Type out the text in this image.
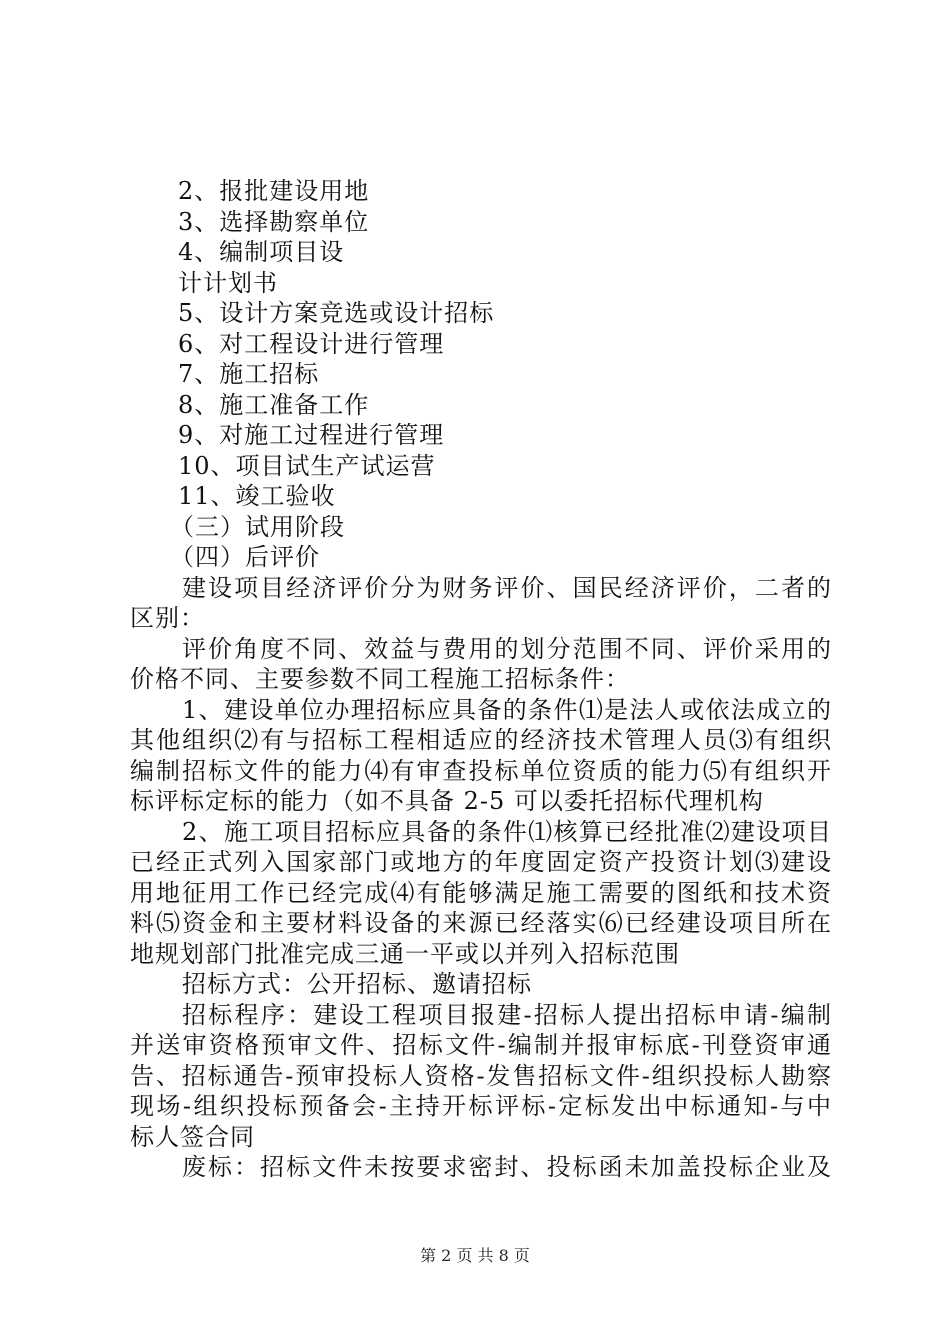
2、报批建设用地
3、选择勘察单位
4、编制项目设
计计划书
5、设计方案竞选或设计招标
6、对工程设计进行管理
7、施工招标
8、施工准备工作
9、对施工过程进行管理
10、项目试生产试运营
11、竣工验收
（三）试用阶段
（四）后评价
建设项目经济评价分为财务评价、国民经济评价，二者的
区别：
评价角度不同、效益与费用的划分范围不同、评价采用的
价格不同、主要参数不同工程施工招标条件：
1、建设单位办理招标应具备的条件⑴是法人或依法成立的
其他组织⑵有与招标工程相适应的经济技术管理人员⑶有组织
编制招标文件的能力⑷有审查投标单位资质的能力⑸有组织开
标评标定标的能力（如不具备 2-5 可以委托招标代理机构
2、施工项目招标应具备的条件⑴核算已经批准⑵建设项目
已经正式列入国家部门或地方的年度固定资产投资计划⑶建设
用地征用工作已经完成⑷有能够满足施工需要的图纸和技术资
料⑸资金和主要材料设备的来源已经落实⑹已经建设项目所在
地规划部门批准完成三通一平或以并列入招标范围
招标方式：公开招标、邀请招标
招标程序：建设工程项目报建-招标人提出招标申请-编制
并送审资格预审文件、招标文件-编制并报审标底-刊登资审通
告、招标通告-预审投标人资格-发售招标文件-组织投标人勘察
现场-组织投标预备会-主持开标评标-定标发出中标通知-与中
标人签合同
废标：招标文件未按要求密封、投标函未加盖投标企业及
第 2 页 共 8 页
